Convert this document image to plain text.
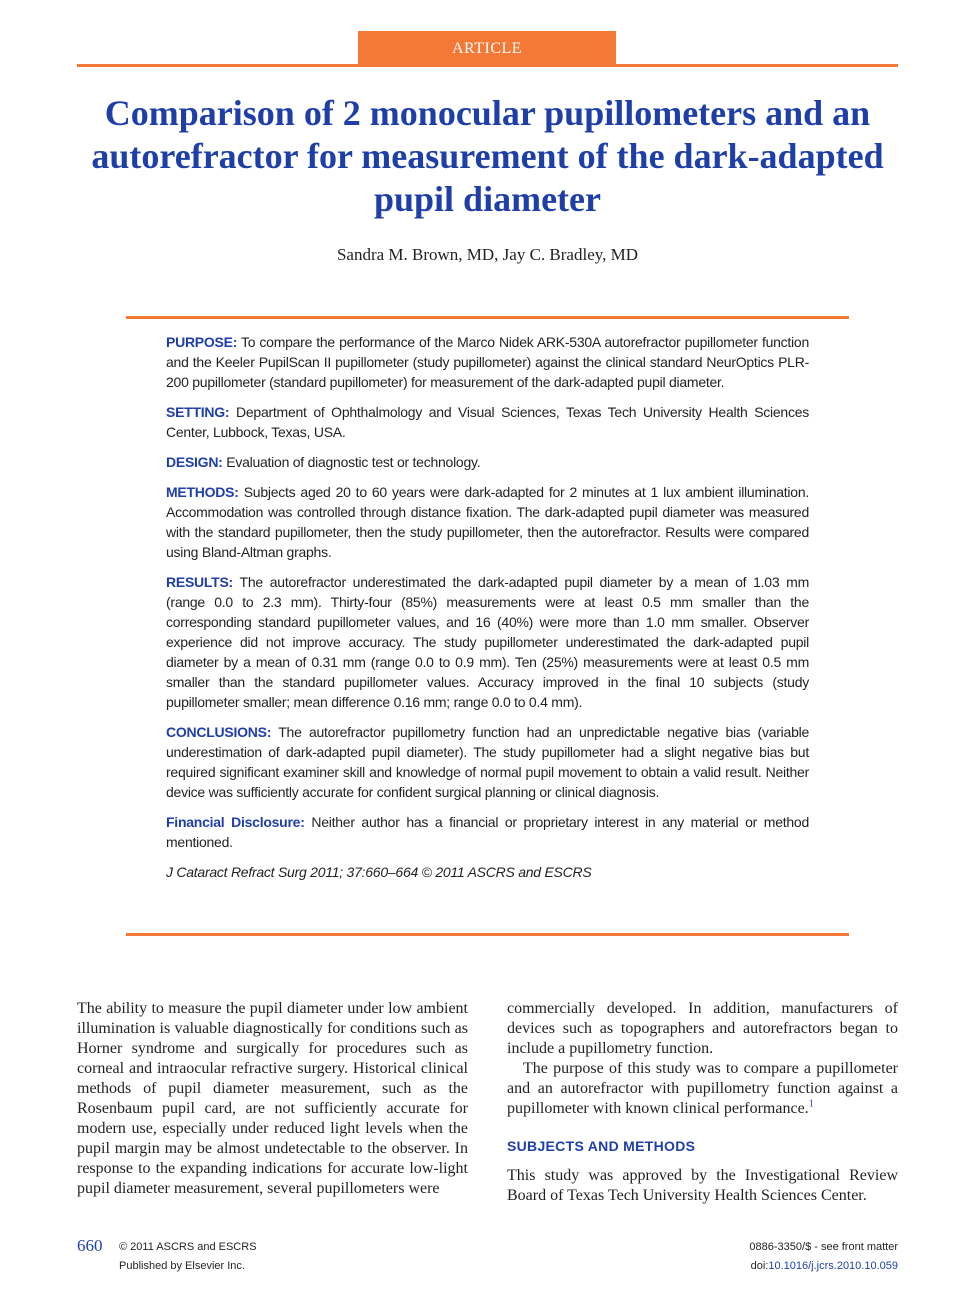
ARTICLE
Comparison of 2 monocular pupillometers and an autorefractor for measurement of the dark-adapted pupil diameter
Sandra M. Brown, MD, Jay C. Bradley, MD

PURPOSE: To compare the performance of the Marco Nidek ARK-530A autorefractor pupillometer function and the Keeler PupilScan II pupillometer (study pupillometer) against the clinical standard NeurOptics PLR-200 pupillometer (standard pupillometer) for measurement of the dark-adapted pupil diameter.

SETTING: Department of Ophthalmology and Visual Sciences, Texas Tech University Health Sciences Center, Lubbock, Texas, USA.

DESIGN: Evaluation of diagnostic test or technology.

METHODS: Subjects aged 20 to 60 years were dark-adapted for 2 minutes at 1 lux ambient illumination. Accommodation was controlled through distance fixation. The dark-adapted pupil diameter was measured with the standard pupillometer, then the study pupillometer, then the autorefractor. Results were compared using Bland-Altman graphs.

RESULTS: The autorefractor underestimated the dark-adapted pupil diameter by a mean of 1.03 mm (range 0.0 to 2.3 mm). Thirty-four (85%) measurements were at least 0.5 mm smaller than the corresponding standard pupillometer values, and 16 (40%) were more than 1.0 mm smaller. Observer experience did not improve accuracy. The study pupillometer underestimated the dark-adapted pupil diameter by a mean of 0.31 mm (range 0.0 to 0.9 mm). Ten (25%) measurements were at least 0.5 mm smaller than the standard pupillometer values. Accuracy improved in the final 10 subjects (study pupillometer smaller; mean difference 0.16 mm; range 0.0 to 0.4 mm).

CONCLUSIONS: The autorefractor pupillometry function had an unpredictable negative bias (variable underestimation of dark-adapted pupil diameter). The study pupillometer had a slight negative bias but required significant examiner skill and knowledge of normal pupil movement to obtain a valid result. Neither device was sufficiently accurate for confident surgical planning or clinical diagnosis.

Financial Disclosure: Neither author has a financial or proprietary interest in any material or method mentioned.

J Cataract Refract Surg 2011; 37:660–664 © 2011 ASCRS and ESCRS

The ability to measure the pupil diameter under low ambient illumination is valuable diagnostically for conditions such as Horner syndrome and surgically for procedures such as corneal and intraocular refractive surgery. Historical clinical methods of pupil diameter measurement, such as the Rosenbaum pupil card, are not sufficiently accurate for modern use, especially under reduced light levels when the pupil margin may be almost undetectable to the observer. In response to the expanding indications for accurate low-light pupil diameter measurement, several pupillometers were

commercially developed. In addition, manufacturers of devices such as topographers and autorefractors began to include a pupillometry function.

The purpose of this study was to compare a pupillometer and an autorefractor with pupillometry function against a pupillometer with known clinical performance.$^1$

SUBJECTS AND METHODS

This study was approved by the Investigational Review Board of Texas Tech University Health Sciences Center.

660 © 2011 ASCRS and ESCRS
Published by Elsevier Inc.
0886-3350/$ - see front matter
doi:10.1016/j.jcrs.2010.10.059
